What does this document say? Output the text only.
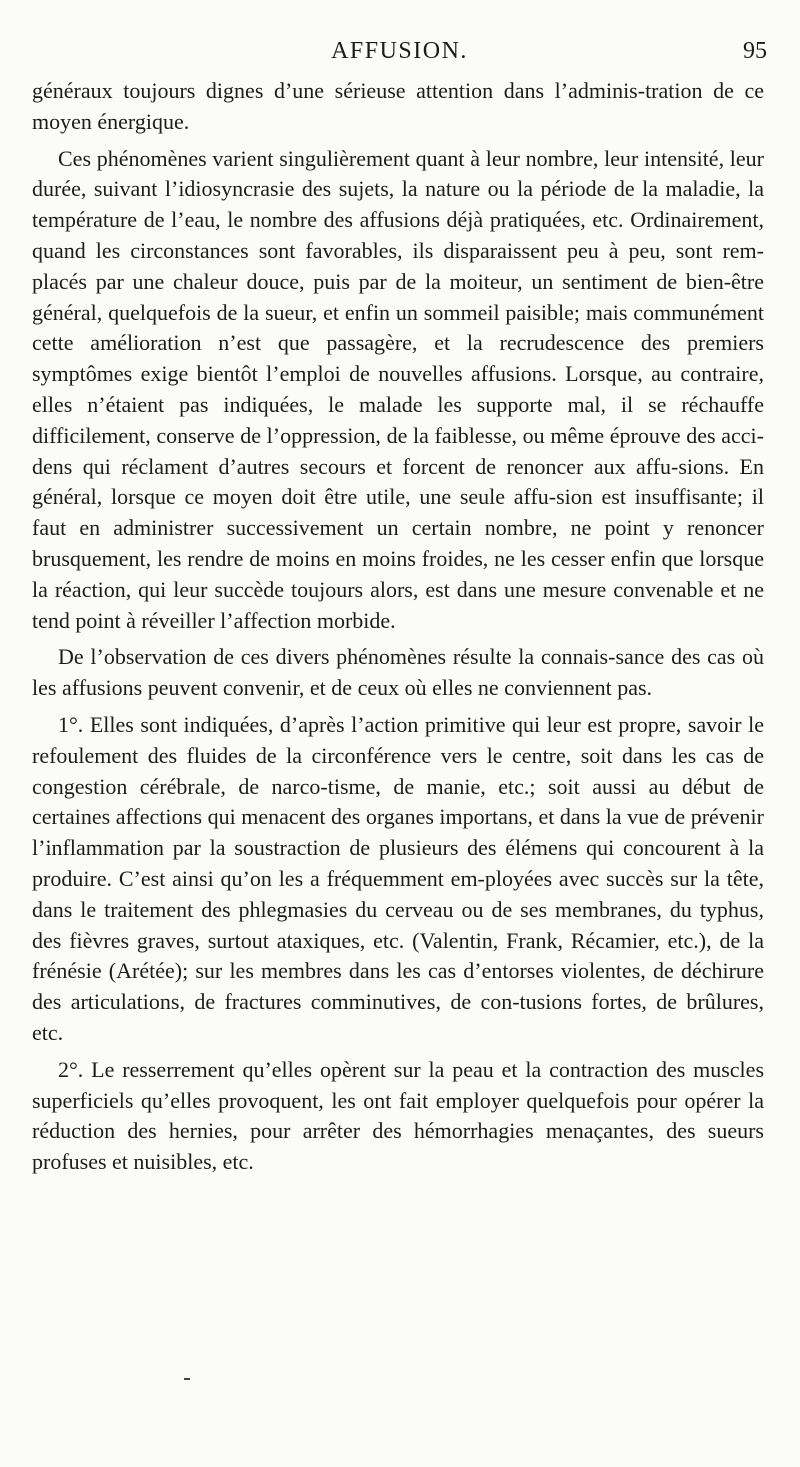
AFFUSION.	95

généraux toujours dignes d’une sérieuse attention dans l’adminis-tration de ce moyen énergique.

Ces phénomènes varient singulièrement quant à leur nombre, leur intensité, leur durée, suivant l’idiosyncrasie des sujets, la nature ou la période de la maladie, la température de l’eau, le nombre des affusions déjà pratiquées, etc. Ordinairement, quand les circonstances sont favorables, ils disparaissent peu à peu, sont rem-placés par une chaleur douce, puis par de la moiteur, un sentiment de bien-être général, quelquefois de la sueur, et enfin un sommeil paisible; mais communément cette amélioration n’est que passagère, et la recrudescence des premiers symptômes exige bientôt l’emploi de nouvelles affusions. Lorsque, au contraire, elles n’étaient pas indiquées, le malade les supporte mal, il se réchauffe difficilement, conserve de l’oppression, de la faiblesse, ou même éprouve des acci-dens qui réclament d’autres secours et forcent de renoncer aux affu-sions. En général, lorsque ce moyen doit être utile, une seule affu-sion est insuffisante; il faut en administrer successivement un certain nombre, ne point y renoncer brusquement, les rendre de moins en moins froides, ne les cesser enfin que lorsque la réaction, qui leur succède toujours alors, est dans une mesure convenable et ne tend point à réveiller l’affection morbide.

De l’observation de ces divers phénomènes résulte la connais-sance des cas où les affusions peuvent convenir, et de ceux où elles ne conviennent pas.

1°. Elles sont indiquées, d’après l’action primitive qui leur est propre, savoir le refoulement des fluides de la circonférence vers le centre, soit dans les cas de congestion cérébrale, de narco-tisme, de manie, etc.; soit aussi au début de certaines affections qui menacent des organes importans, et dans la vue de prévenir l’inflammation par la soustraction de plusieurs des élémens qui concourent à la produire. C’est ainsi qu’on les a fréquemment em-ployées avec succès sur la tête, dans le traitement des phlegmasies du cerveau ou de ses membranes, du typhus, des fièvres graves, surtout ataxiques, etc. (Valentin, Frank, Récamier, etc.), de la frénésie (Arétée); sur les membres dans les cas d’entorses violentes, de déchirure des articulations, de fractures comminutives, de con-tusions fortes, de brûlures, etc.

2°. Le resserrement qu’elles opèrent sur la peau et la contraction des muscles superficiels qu’elles provoquent, les ont fait employer quelquefois pour opérer la réduction des hernies, pour arrêter des hémorrhagies menaçantes, des sueurs profuses et nuisibles, etc.
